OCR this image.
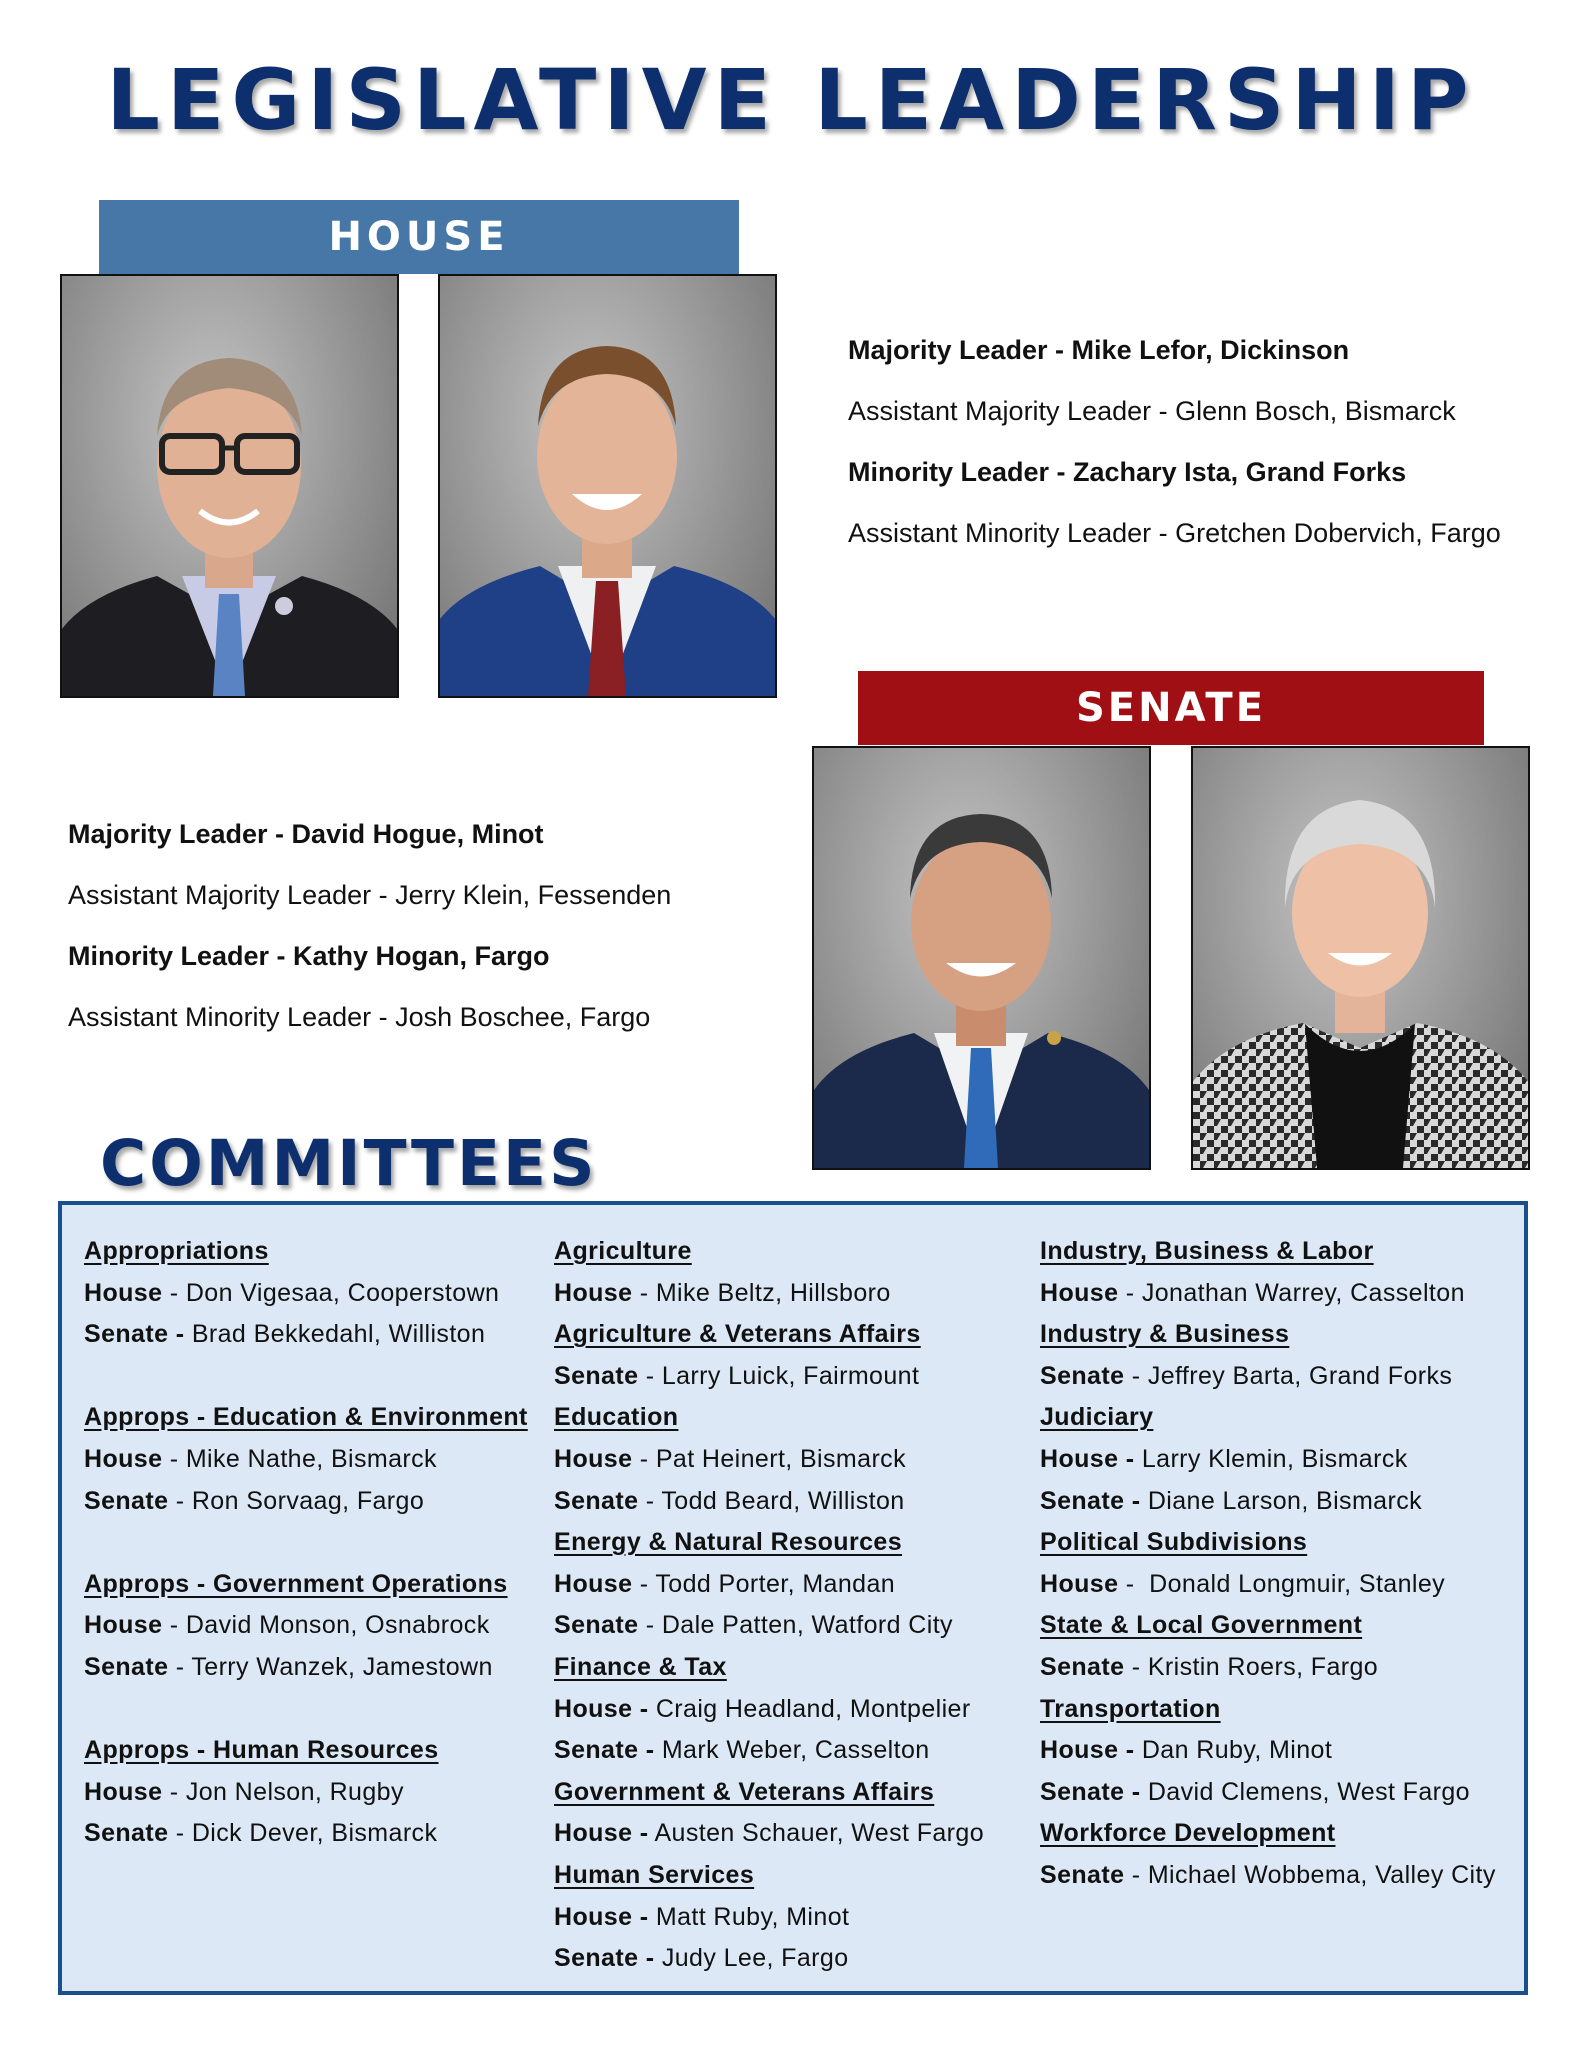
LEGISLATIVE LEADERSHIP
HOUSE
Majority Leader - Mike Lefor, Dickinson
Assistant Majority Leader - Glenn Bosch, Bismarck
Minority Leader - Zachary Ista, Grand Forks
Assistant Minority Leader - Gretchen Dobervich, Fargo
SENATE
Majority Leader - David Hogue, Minot
Assistant Majority Leader - Jerry Klein, Fessenden
Minority Leader - Kathy Hogan, Fargo
Assistant Minority Leader - Josh Boschee, Fargo
COMMITTEES
Appropriations
House - Don Vigesaa, Cooperstown
Senate - Brad Bekkedahl, Williston
Approps - Education & Environment
House - Mike Nathe, Bismarck
Senate - Ron Sorvaag, Fargo
Approps - Government Operations
House - David Monson, Osnabrock
Senate - Terry Wanzek, Jamestown
Approps - Human Resources
House - Jon Nelson, Rugby
Senate - Dick Dever, Bismarck
Agriculture
House - Mike Beltz, Hillsboro
Agriculture & Veterans Affairs
Senate - Larry Luick, Fairmount
Education
House - Pat Heinert, Bismarck
Senate - Todd Beard, Williston
Energy & Natural Resources
House - Todd Porter, Mandan
Senate - Dale Patten, Watford City
Finance & Tax
House - Craig Headland, Montpelier
Senate - Mark Weber, Casselton
Government & Veterans Affairs
House - Austen Schauer, West Fargo
Human Services
House - Matt Ruby, Minot
Senate - Judy Lee, Fargo
Industry, Business & Labor
House - Jonathan Warrey, Casselton
Industry & Business
Senate - Jeffrey Barta, Grand Forks
Judiciary
House - Larry Klemin, Bismarck
Senate - Diane Larson, Bismarck
Political Subdivisions
House -  Donald Longmuir, Stanley
State & Local Government
Senate - Kristin Roers, Fargo
Transportation
House - Dan Ruby, Minot
Senate - David Clemens, West Fargo
Workforce Development
Senate - Michael Wobbema, Valley City
